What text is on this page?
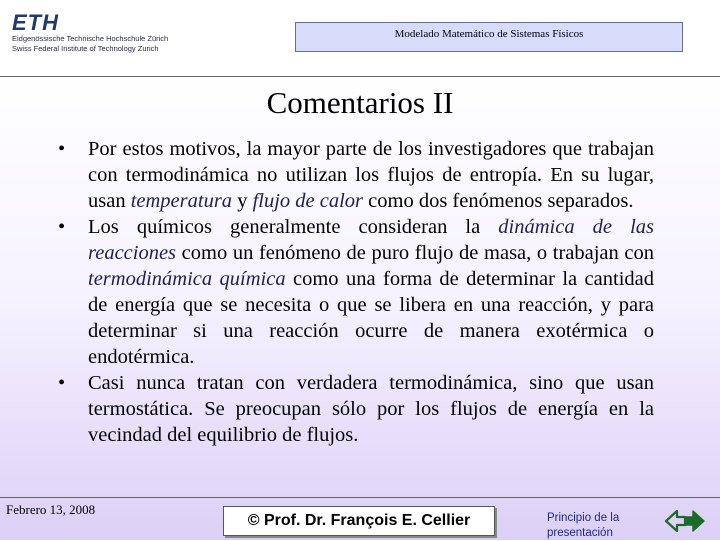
ETH
Eidgenössische Technische Hochschule Zürich
Swiss Federal Institute of Technology Zurich
Modelado Matemático de Sistemas Físicos
Comentarios II
•	Por estos motivos, la mayor parte de los investigadores que trabajan con termodinámica no utilizan los flujos de entropía. En su lugar, usan temperatura y flujo de calor como dos fenómenos separados.
•	Los químicos generalmente consideran la dinámica de las reacciones como un fenómeno de puro flujo de masa, o trabajan con termodinámica química como una forma de determinar la cantidad de energía que se necesita o que se libera en una reacción, y para determinar si una reacción ocurre de manera exotérmica o endotérmica.
•	Casi nunca tratan con verdadera termodinámica, sino que usan termostática. Se preocupan sólo por los flujos de energía en la vecindad del equilibrio de flujos.
Febrero 13, 2008
© Prof. Dr. François E. Cellier	Principio de la presentación
